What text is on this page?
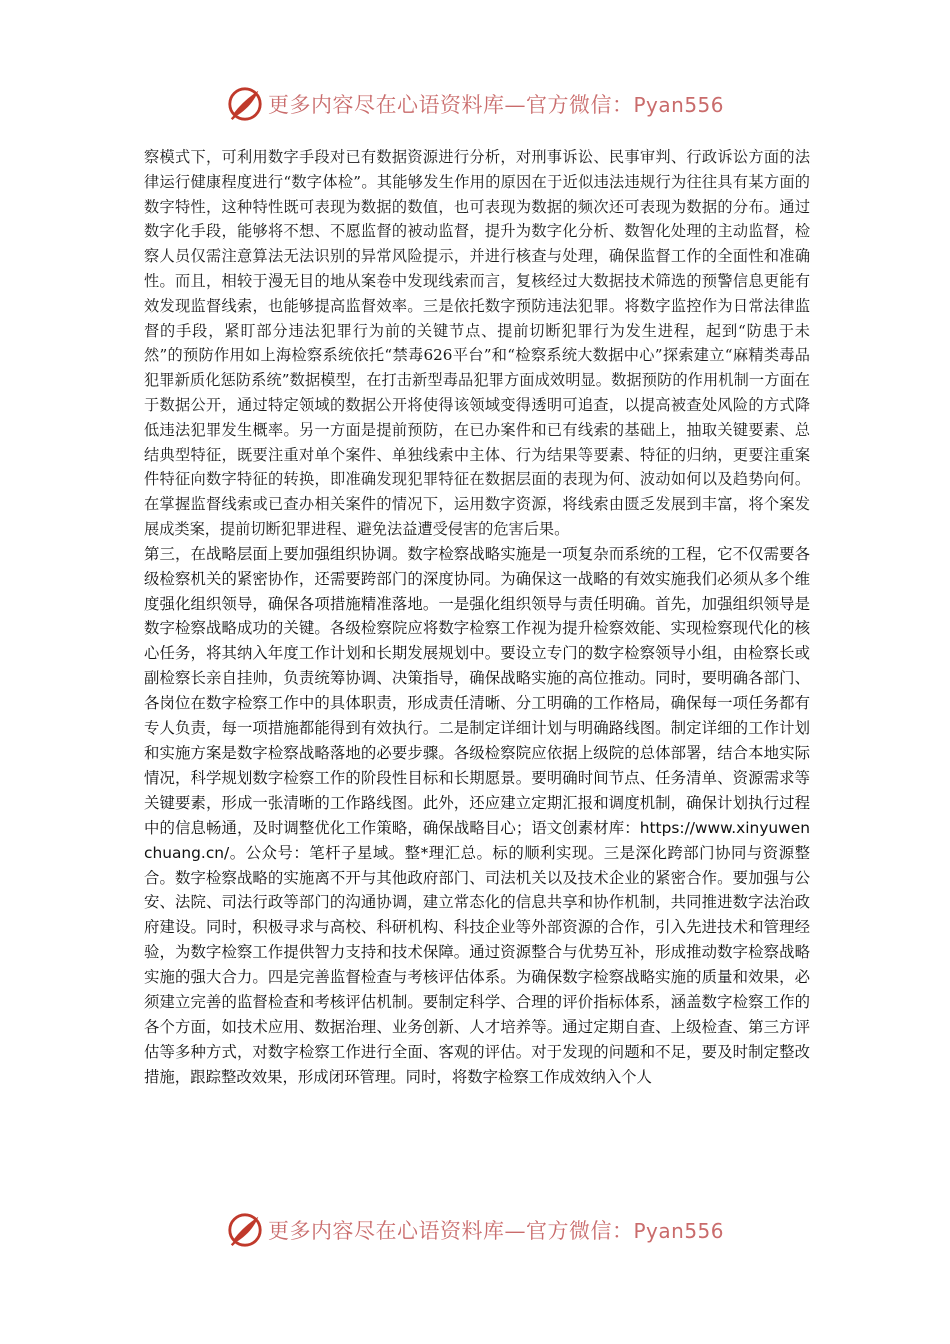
更多内容尽在心语资料库—官方微信：Pyan556

察模式下，可利用数字手段对已有数据资源进行分析，对刑事诉讼、民事审判、行政诉讼方面的法律运行健康程度进行“数字体检”。其能够发生作用的原因在于近似违法违规行为往往具有某方面的数字特性，这种特性既可表现为数据的数值，也可表现为数据的频次还可表现为数据的分布。通过数字化手段，能够将不想、不愿监督的被动监督，提升为数字化分析、数智化处理的主动监督，检察人员仅需注意算法无法识别的异常风险提示，并进行核查与处理，确保监督工作的全面性和准确性。而且，相较于漫无目的地从案卷中发现线索而言，复核经过大数据技术筛选的预警信息更能有效发现监督线索，也能够提高监督效率。三是依托数字预防违法犯罪。将数字监控作为日常法律监督的手段，紧盯部分违法犯罪行为前的关键节点、提前切断犯罪行为发生进程，起到“防患于未然”的预防作用如上海检察系统依托“禁毒626平台”和“检察系统大数据中心”探索建立“麻精类毒品犯罪新质化惩防系统”数据模型，在打击新型毒品犯罪方面成效明显。数据预防的作用机制一方面在于数据公开，通过特定领域的数据公开将使得该领域变得透明可追查，以提高被查处风险的方式降低违法犯罪发生概率。另一方面是提前预防，在已办案件和已有线索的基础上，抽取关键要素、总结典型特征，既要注重对单个案件、单独线索中主体、行为结果等要素、特征的归纳，更要注重案件特征向数字特征的转换，即准确发现犯罪特征在数据层面的表现为何、波动如何以及趋势向何。在掌握监督线索或已查办相关案件的情况下，运用数字资源，将线索由匮乏发展到丰富，将个案发展成类案，提前切断犯罪进程、避免法益遭受侵害的危害后果。

第三，在战略层面上要加强组织协调。数字检察战略实施是一项复杂而系统的工程，它不仅需要各级检察机关的紧密协作，还需要跨部门的深度协同。为确保这一战略的有效实施我们必须从多个维度强化组织领导，确保各项措施精准落地。一是强化组织领导与责任明确。首先，加强组织领导是数字检察战略成功的关键。各级检察院应将数字检察工作视为提升检察效能、实现检察现代化的核心任务，将其纳入年度工作计划和长期发展规划中。要设立专门的数字检察领导小组，由检察长或副检察长亲自挂帅，负责统筹协调、决策指导，确保战略实施的高位推动。同时，要明确各部门、各岗位在数字检察工作中的具体职责，形成责任清晰、分工明确的工作格局，确保每一项任务都有专人负责，每一项措施都能得到有效执行。二是制定详细计划与明确路线图。制定详细的工作计划和实施方案是数字检察战略落地的必要步骤。各级检察院应依据上级院的总体部署，结合本地实际情况，科学规划数字检察工作的阶段性目标和长期愿景。要明确时间节点、任务清单、资源需求等关键要素，形成一张清晰的工作路线图。此外，还应建立定期汇报和调度机制，确保计划执行过程中的信息畅通，及时调整优化工作策略，确保战略目心；语文创素材库：https://www.xinyuwenchuang.cn/。公众号：笔杆子星域。整*理汇总。标的顺利实现。三是深化跨部门协同与资源整合。数字检察战略的实施离不开与其他政府部门、司法机关以及技术企业的紧密合作。要加强与公安、法院、司法行政等部门的沟通协调，建立常态化的信息共享和协作机制，共同推进数字法治政府建设。同时，积极寻求与高校、科研机构、科技企业等外部资源的合作，引入先进技术和管理经验，为数字检察工作提供智力支持和技术保障。通过资源整合与优势互补，形成推动数字检察战略实施的强大合力。四是完善监督检查与考核评估体系。为确保数字检察战略实施的质量和效果，必须建立完善的监督检查和考核评估机制。要制定科学、合理的评价指标体系，涵盖数字检察工作的各个方面，如技术应用、数据治理、业务创新、人才培养等。通过定期自查、上级检查、第三方评估等多种方式，对数字检察工作进行全面、客观的评估。对于发现的问题和不足，要及时制定整改措施，跟踪整改效果，形成闭环管理。同时，将数字检察工作成效纳入个人

更多内容尽在心语资料库—官方微信：Pyan556
